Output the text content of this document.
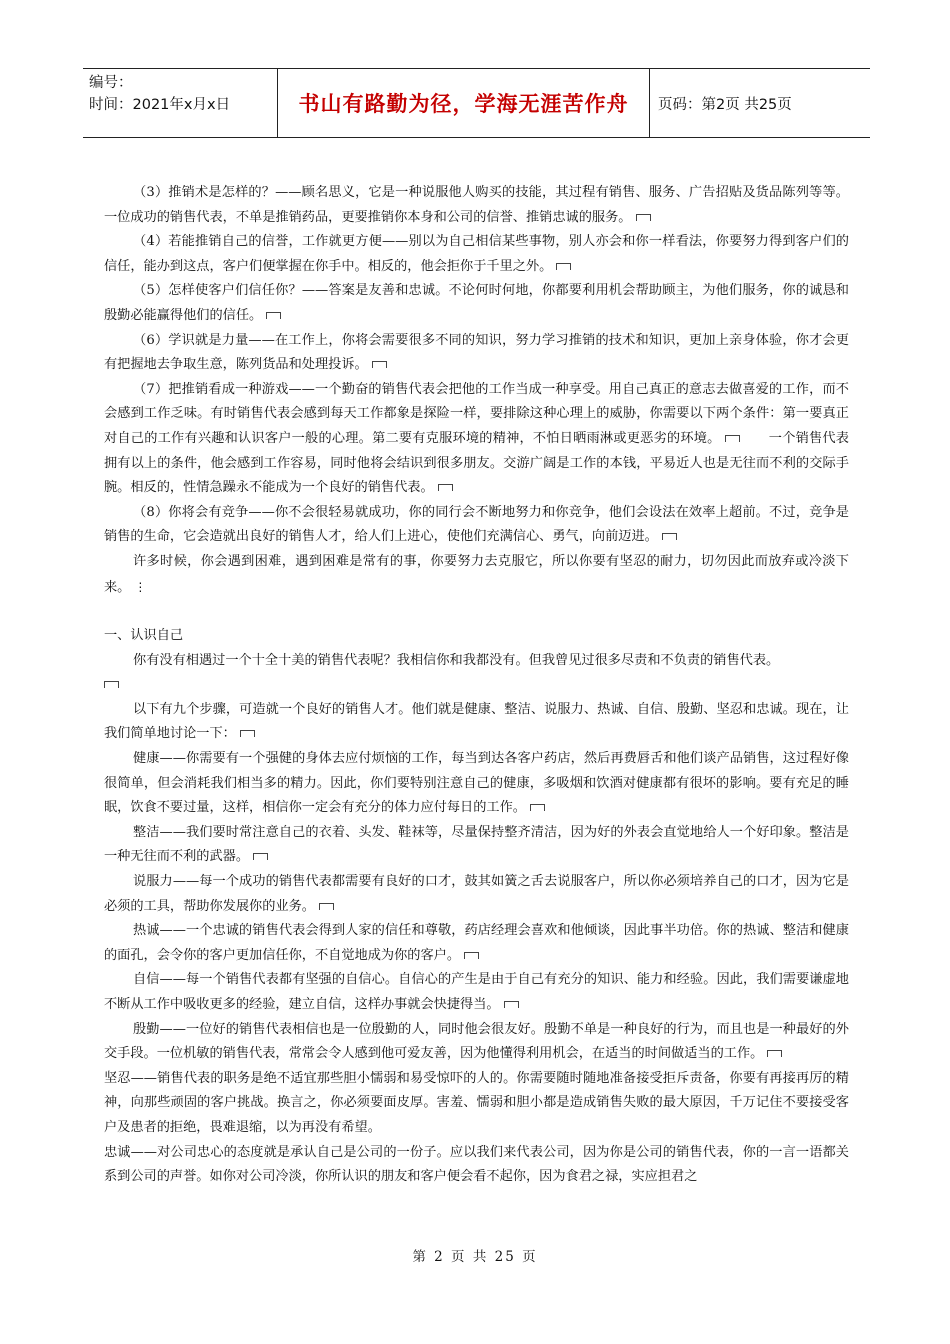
编号：
时间：2021年x月x日	书山有路勤为径，学海无涯苦作舟 页码：第2页 共25页

（3）推销术是怎样的？——顾名思义，它是一种说服他人购买的技能，其过程有销售、服务、广告招贴及货品陈列等等。一位成功的销售代表，不单是推销药品，更要推销你本身和公司的信誉、推销忠诚的服务。

（4）若能推销自己的信誉，工作就更方便——别以为自己相信某些事物，别人亦会和你一样看法，你要努力得到客户们的信任，能办到这点，客户们便掌握在你手中。相反的，他会拒你于千里之外。

（5）怎样使客户们信任你？——答案是友善和忠诚。不论何时何地，你都要利用机会帮助顾主，为他们服务，你的诚恳和殷勤必能赢得他们的信任。

（6）学识就是力量——在工作上，你将会需要很多不同的知识，努力学习推销的技术和知识，更加上亲身体验，你才会更有把握地去争取生意，陈列货品和处理投诉。

（7）把推销看成一种游戏——一个勤奋的销售代表会把他的工作当成一种享受。用自己真正的意志去做喜爱的工作，而不会感到工作乏味。有时销售代表会感到每天工作都象是探险一样，要排除这种心理上的威胁，你需要以下两个条件：第一要真正对自己的工作有兴趣和认识客户一般的心理。第二要有克服环境的精神，不怕日晒雨淋或更恶劣的环境。	一个销售代表拥有以上的条件，他会感到工作容易，同时他将会结识到很多朋友。交游广阔是工作的本钱，平易近人也是无往而不利的交际手腕。相反的，性情急躁永不能成为一个良好的销售代表。

（8）你将会有竞争——你不会很轻易就成功，你的同行会不断地努力和你竞争，他们会设法在效率上超前。不过，竞争是销售的生命，它会造就出良好的销售人才，给人们上进心，使他们充满信心、勇气，向前迈进。

许多时候，你会遇到困难，遇到困难是常有的事，你要努力去克服它，所以你要有坚忍的耐力，切勿因此而放弃或冷淡下来。 ⋮

一、认识自己

你有没有相遇过一个十全十美的销售代表呢？我相信你和我都没有。但我曾见过很多尽责和不负责的销售代表。

以下有九个步骤，可造就一个良好的销售人才。他们就是健康、整洁、说服力、热诚、自信、殷勤、坚忍和忠诚。现在，让我们简单地讨论一下：

健康——你需要有一个强健的身体去应付烦恼的工作，每当到达各客户药店，然后再费唇舌和他们谈产品销售，这过程好像很简单，但会消耗我们相当多的精力。因此，你们要特别注意自己的健康，多吸烟和饮酒对健康都有很坏的影响。要有充足的睡眠，饮食不要过量，这样，相信你一定会有充分的体力应付每日的工作。

整洁——我们要时常注意自己的衣着、头发、鞋袜等，尽量保持整齐清洁，因为好的外表会直觉地给人一个好印象。整洁是一种无往而不利的武器。

说服力——每一个成功的销售代表都需要有良好的口才，鼓其如簧之舌去说服客户，所以你必须培养自己的口才，因为它是必须的工具，帮助你发展你的业务。

热诚——一个忠诚的销售代表会得到人家的信任和尊敬，药店经理会喜欢和他倾谈，因此事半功倍。你的热诚、整洁和健康的面孔，会令你的客户更加信任你，不自觉地成为你的客户。

自信——每一个销售代表都有坚强的自信心。自信心的产生是由于自己有充分的知识、能力和经验。因此，我们需要谦虚地不断从工作中吸收更多的经验，建立自信，这样办事就会快捷得当。

殷勤——一位好的销售代表相信也是一位殷勤的人，同时他会很友好。殷勤不单是一种良好的行为，而且也是一种最好的外交手段。一位机敏的销售代表，常常会令人感到他可爱友善，因为他懂得利用机会，在适当的时间做适当的工作。

坚忍——销售代表的职务是绝不适宜那些胆小懦弱和易受惊吓的人的。你需要随时随地准备接受拒斥责备，你要有再接再厉的精神，向那些顽固的客户挑战。换言之，你必须要面皮厚。害羞、懦弱和胆小都是造成销售失败的最大原因，千万记住不要接受客户及患者的拒绝，畏难退缩，以为再没有希望。

忠诚——对公司忠心的态度就是承认自己是公司的一份子。应以我们来代表公司，因为你是公司的销售代表，你的一言一语都关系到公司的声誉。如你对公司冷淡，你所认识的朋友和客户便会看不起你，因为食君之禄，实应担君之

第 2 页 共 25 页
